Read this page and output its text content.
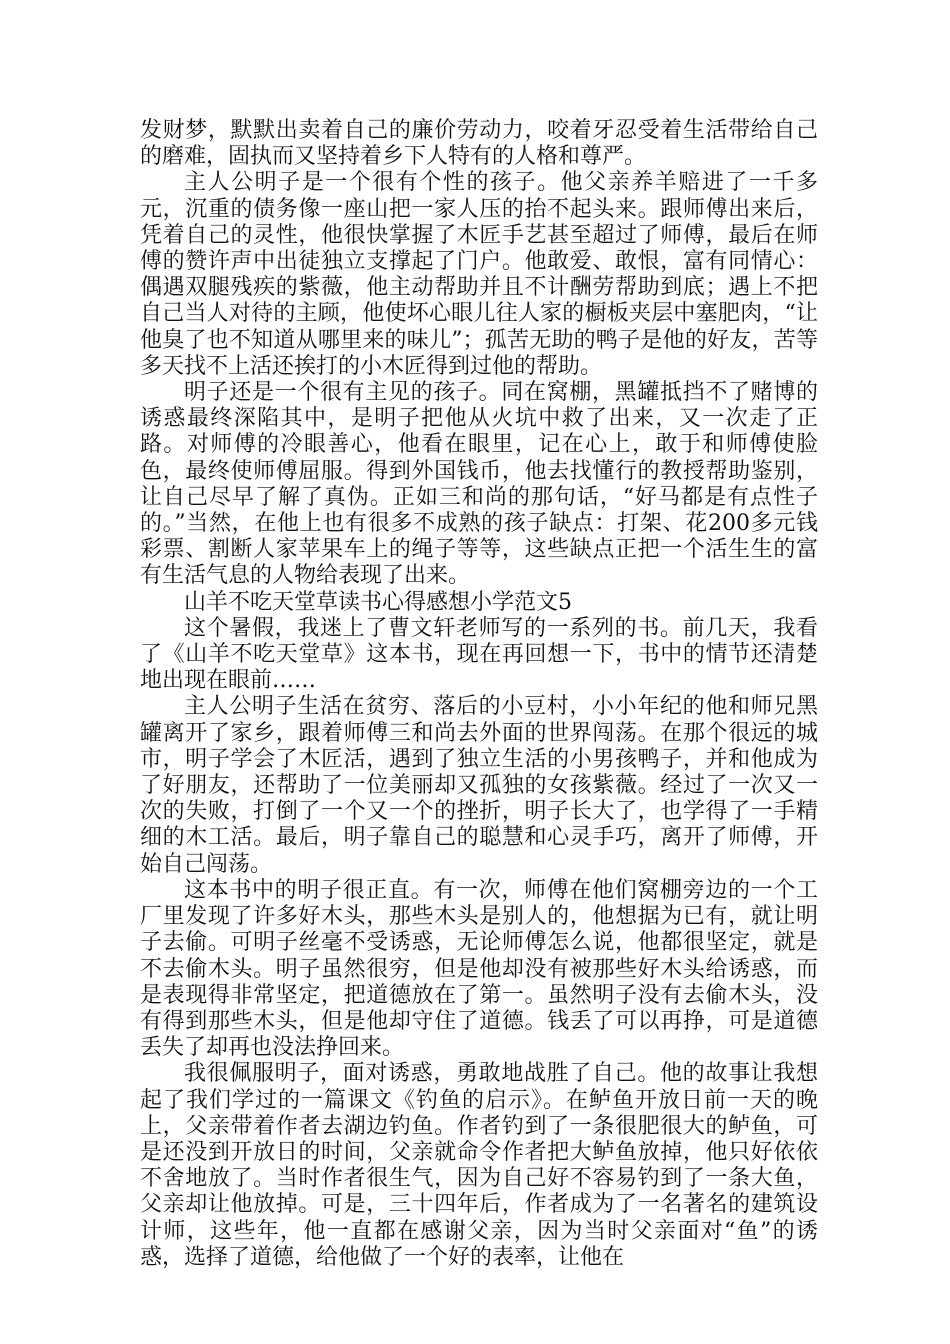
发财梦，默默出卖着自己的廉价劳动力，咬着牙忍受着生活带给自己的磨难，固执而又坚持着乡下人特有的人格和尊严。

主人公明子是一个很有个性的孩子。他父亲养羊赔进了一千多元，沉重的债务像一座山把一家人压的抬不起头来。跟师傅出来后，凭着自己的灵性，他很快掌握了木匠手艺甚至超过了师傅，最后在师傅的赞许声中出徒独立支撑起了门户。他敢爱、敢恨，富有同情心：偶遇双腿残疾的紫薇，他主动帮助并且不计酬劳帮助到底；遇上不把自己当人对待的主顾，他使坏心眼儿往人家的橱板夹层中塞肥肉，“让他臭了也不知道从哪里来的味儿”；孤苦无助的鸭子是他的好友，苦等多天找不上活还挨打的小木匠得到过他的帮助。

明子还是一个很有主见的孩子。同在窝棚，黑罐抵挡不了赌博的诱惑最终深陷其中，是明子把他从火坑中救了出来，又一次走了正路。对师傅的冷眼善心，他看在眼里，记在心上，敢于和师傅使脸色，最终使师傅屈服。得到外国钱币，他去找懂行的教授帮助鉴别，让自己尽早了解了真伪。正如三和尚的那句话，“好马都是有点性子的。”当然，在他上也有很多不成熟的孩子缺点：打架、花200多元钱彩票、割断人家苹果车上的绳子等等，这些缺点正把一个活生生的富有生活气息的人物给表现了出来。

山羊不吃天堂草读书心得感想小学范文5

这个暑假，我迷上了曹文轩老师写的一系列的书。前几天，我看了《山羊不吃天堂草》这本书，现在再回想一下，书中的情节还清楚地出现在眼前……

主人公明子生活在贫穷、落后的小豆村，小小年纪的他和师兄黑罐离开了家乡，跟着师傅三和尚去外面的世界闯荡。在那个很远的城市，明子学会了木匠活，遇到了独立生活的小男孩鸭子，并和他成为了好朋友，还帮助了一位美丽却又孤独的女孩紫薇。经过了一次又一次的失败，打倒了一个又一个的挫折，明子长大了，也学得了一手精细的木工活。最后，明子靠自己的聪慧和心灵手巧，离开了师傅，开始自己闯荡。

这本书中的明子很正直。有一次，师傅在他们窝棚旁边的一个工厂里发现了许多好木头，那些木头是别人的，他想据为已有，就让明子去偷。可明子丝毫不受诱惑，无论师傅怎么说，他都很坚定，就是不去偷木头。明子虽然很穷，但是他却没有被那些好木头给诱惑，而是表现得非常坚定，把道德放在了第一。虽然明子没有去偷木头，没有得到那些木头，但是他却守住了道德。钱丢了可以再挣，可是道德丢失了却再也没法挣回来。

我很佩服明子，面对诱惑，勇敢地战胜了自己。他的故事让我想起了我们学过的一篇课文《钓鱼的启示》。在鲈鱼开放日前一天的晚上，父亲带着作者去湖边钓鱼。作者钓到了一条很肥很大的鲈鱼，可是还没到开放日的时间，父亲就命令作者把大鲈鱼放掉，他只好依依不舍地放了。当时作者很生气，因为自己好不容易钓到了一条大鱼，父亲却让他放掉。可是，三十四年后，作者成为了一名著名的建筑设计师，这些年，他一直都在感谢父亲，因为当时父亲面对“鱼”的诱惑，选择了道德，给他做了一个好的表率，让他在
